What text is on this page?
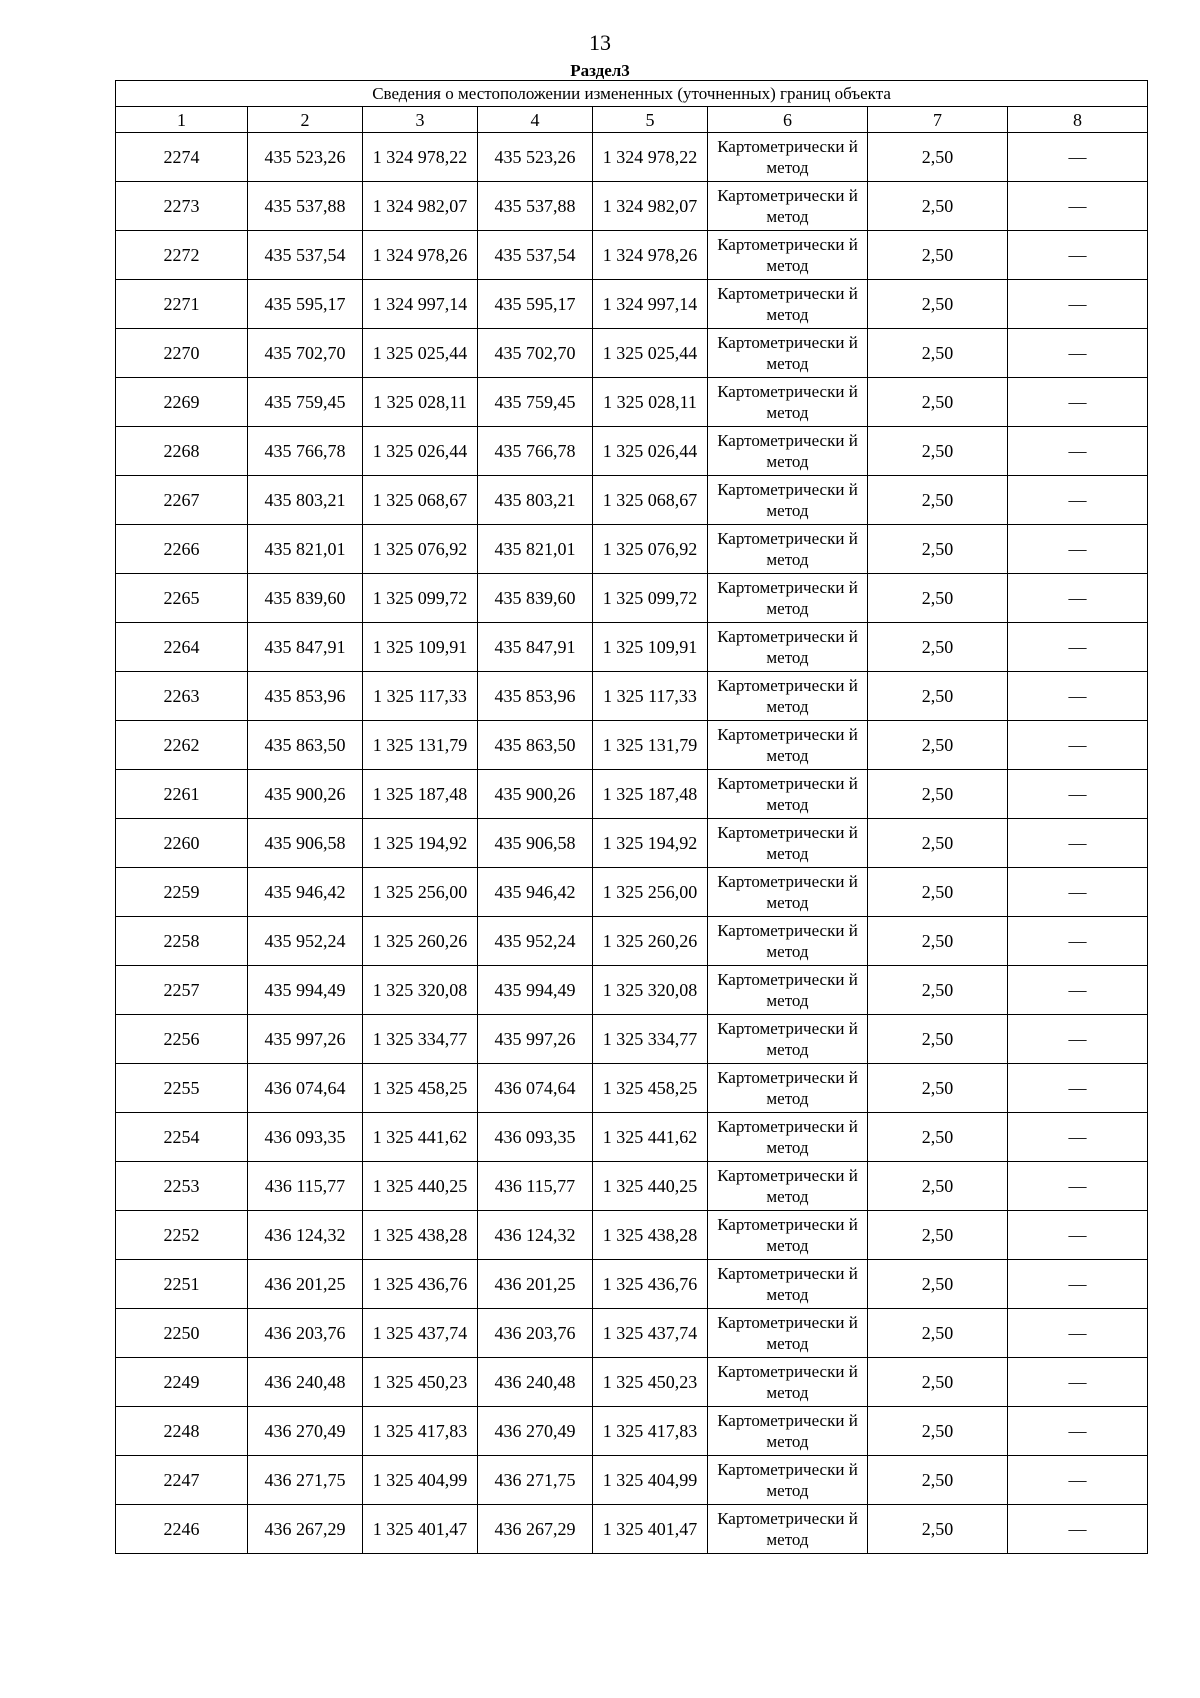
13
Раздел3
Сведения о местоположении измененных (уточненных) границ объекта							
1	2	3	4	5	6	7	8
2274	435 523,26	1 324 978,22	435 523,26	1 324 978,22	Картометрически й метод	2,50	—
2273	435 537,88	1 324 982,07	435 537,88	1 324 982,07	Картометрически й метод	2,50	—
2272	435 537,54	1 324 978,26	435 537,54	1 324 978,26	Картометрически й метод	2,50	—
2271	435 595,17	1 324 997,14	435 595,17	1 324 997,14	Картометрически й метод	2,50	—
2270	435 702,70	1 325 025,44	435 702,70	1 325 025,44	Картометрически й метод	2,50	—
2269	435 759,45	1 325 028,11	435 759,45	1 325 028,11	Картометрически й метод	2,50	—
2268	435 766,78	1 325 026,44	435 766,78	1 325 026,44	Картометрически й метод	2,50	—
2267	435 803,21	1 325 068,67	435 803,21	1 325 068,67	Картометрически й метод	2,50	—
2266	435 821,01	1 325 076,92	435 821,01	1 325 076,92	Картометрически й метод	2,50	—
2265	435 839,60	1 325 099,72	435 839,60	1 325 099,72	Картометрически й метод	2,50	—
2264	435 847,91	1 325 109,91	435 847,91	1 325 109,91	Картометрически й метод	2,50	—
2263	435 853,96	1 325 117,33	435 853,96	1 325 117,33	Картометрически й метод	2,50	—
2262	435 863,50	1 325 131,79	435 863,50	1 325 131,79	Картометрически й метод	2,50	—
2261	435 900,26	1 325 187,48	435 900,26	1 325 187,48	Картометрически й метод	2,50	—
2260	435 906,58	1 325 194,92	435 906,58	1 325 194,92	Картометрически й метод	2,50	—
2259	435 946,42	1 325 256,00	435 946,42	1 325 256,00	Картометрически й метод	2,50	—
2258	435 952,24	1 325 260,26	435 952,24	1 325 260,26	Картометрически й метод	2,50	—
2257	435 994,49	1 325 320,08	435 994,49	1 325 320,08	Картометрически й метод	2,50	—
2256	435 997,26	1 325 334,77	435 997,26	1 325 334,77	Картометрически й метод	2,50	—
2255	436 074,64	1 325 458,25	436 074,64	1 325 458,25	Картометрически й метод	2,50	—
2254	436 093,35	1 325 441,62	436 093,35	1 325 441,62	Картометрически й метод	2,50	—
2253	436 115,77	1 325 440,25	436 115,77	1 325 440,25	Картометрически й метод	2,50	—
2252	436 124,32	1 325 438,28	436 124,32	1 325 438,28	Картометрически й метод	2,50	—
2251	436 201,25	1 325 436,76	436 201,25	1 325 436,76	Картометрически й метод	2,50	—
2250	436 203,76	1 325 437,74	436 203,76	1 325 437,74	Картометрически й метод	2,50	—
2249	436 240,48	1 325 450,23	436 240,48	1 325 450,23	Картометрически й метод	2,50	—
2248	436 270,49	1 325 417,83	436 270,49	1 325 417,83	Картометрически й метод	2,50	—
2247	436 271,75	1 325 404,99	436 271,75	1 325 404,99	Картометрически й метод	2,50	—
2246	436 267,29	1 325 401,47	436 267,29	1 325 401,47	Картометрически й метод	2,50	—
